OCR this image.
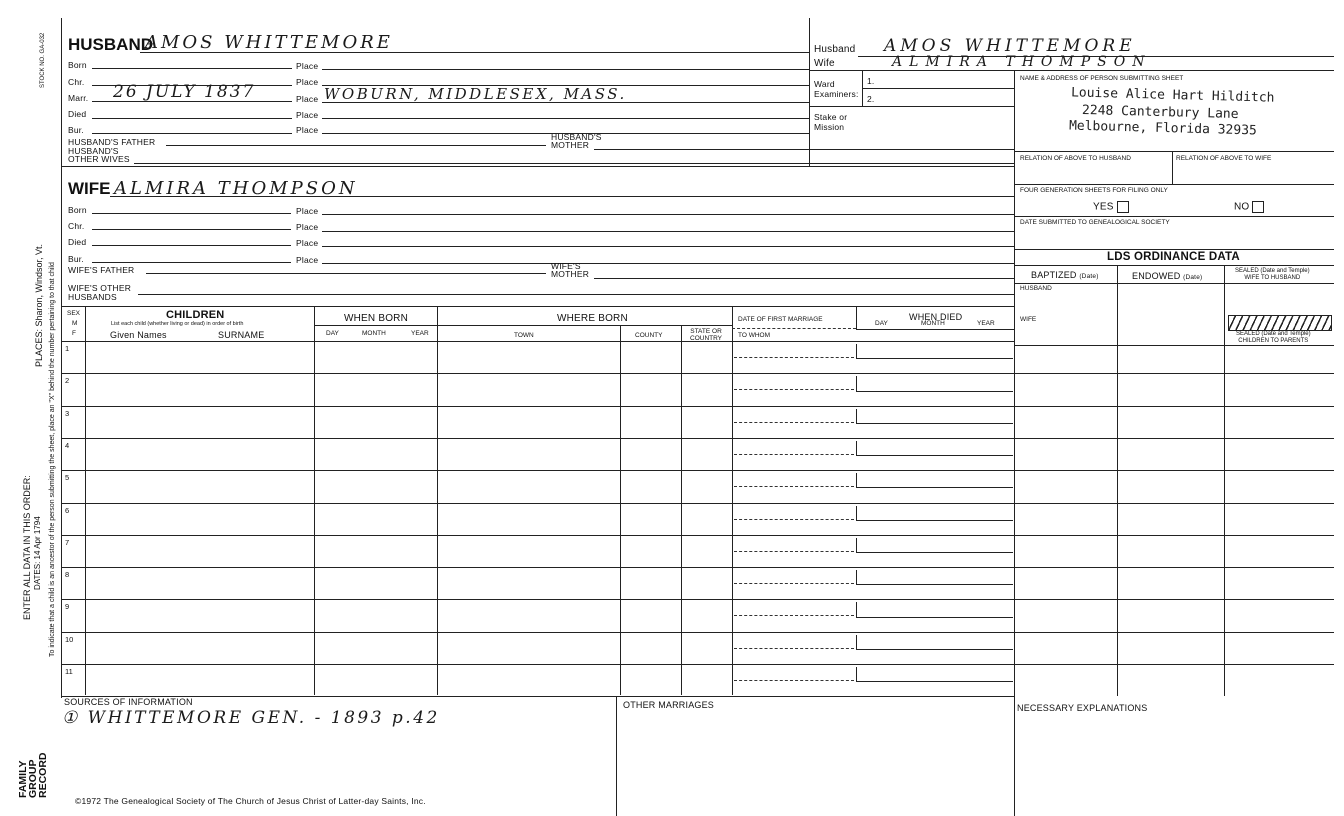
STOCK NO. GA-032
PLACES: Sharon, Windsor, Vt. To indicate that a child is an ancestor of the person submitting the sheet, place an "X" behind the number pertaining to that child
ENTER ALL DATA IN THIS ORDER: DATES: 14 Apr 1794
FAMILY GROUP RECORD
HUSBAND
AMOS WHITTEMORE
Born	Place
Chr.	Place
Marr. 26 JULY 1837	Place WOBURN, MIDDLESEX, MASS.
Died	Place
Bur.	Place
HUSBAND'S FATHER	HUSBAND'S
MOTHER
HUSBAND'S
OTHER WIVES
WIFE ALMIRA THOMPSON
Born	Place
Chr.	Place
Died	Place
Bur.	Place
WIFE'S FATHER	WIFE'S
MOTHER
WIFE'S OTHER
HUSBANDS
Husband AMOS WHITTEMORE
Wife	ALMIRA THOMPSON
Ward
Examiners:
1.
2.
Stake or
Mission
NAME & ADDRESS OF PERSON SUBMITTING SHEET
Louise Alice Hart Hilditch
2248 Canterbury Lane
Melbourne, Florida 32935
RELATION OF ABOVE TO HUSBAND	RELATION OF ABOVE TO WIFE
FOUR GENERATION SHEETS FOR FILING ONLY
YES	NO
DATE SUBMITTED TO GENEALOGICAL SOCIETY
LDS ORDINANCE DATA
BAPTIZED (Date)	ENDOWED (Date)
SEALED (Date and Temple)
WIFE TO HUSBAND
HUSBAND
WIFE
SEALED (Date and Temple)
CHILDREN TO PARENTS
SEX
M
F
CHILDREN
List each child (whether living or dead) in order of birth
Given Names	SURNAME
WHEN BORN
DAY	MONTH	YEAR
WHERE BORN
TOWN	COUNTY
STATE OR
COUNTRY
DATE OF FIRST MARRIAGE
TO WHOM
WHEN DIED
DAY	MONTH	YEAR
1
2
3
4
5
6
7
8
9
10
11
SOURCES OF INFORMATION
① WHITTEMORE GEN. - 1893 p.42
OTHER MARRIAGES	NECESSARY EXPLANATIONS
©1972 The Genealogical Society of The Church of Jesus Christ of Latter-day Saints, Inc.
